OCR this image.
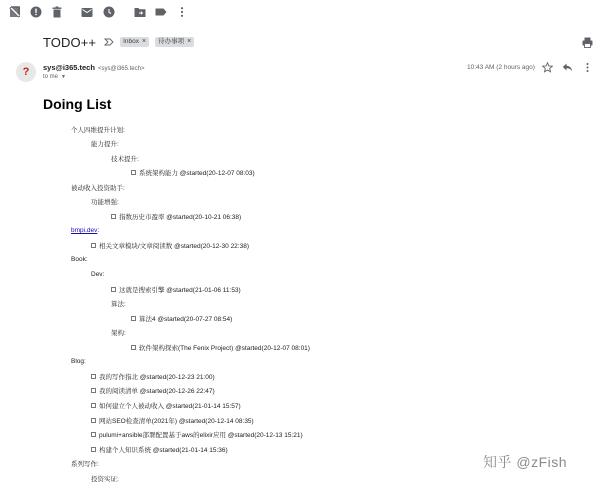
TODO++	Inbox × 待办事项 ×
?	sys@i365.tech <sys@i365.tech>
to me ▼
10:43 AM (2 hours ago)
Doing List
个人四维提升计划:
能力提升:
技术提升:
系统架构能力 @started(20-12-07 08:03)
被动收入投资助手:
功能增强:
指数历史市盈率 @started(20-10-21 06:38)
bmpi.dev :
相关文章模块/文章阅读数 @started(20-12-30 22:38)
Book:
Dev:
这就是搜索引擎 @started(21-01-06 11:53)
算法:
算法4 @started(20-07-27 08:54)
架构:
软件架构探索(The Fenix Project) @started(20-12-07 08:01)
Blog:
我的写作指北 @started(20-12-23 21:00)
我的阅读清单 @started(20-12-26 22:47)
如何建立个人被动收入 @started(21-01-14 15:57)
网站SEO检查清单(2021年) @started(20-12-14 08:35)
pulumi+ansible部署配置基于aws的elixir应用 @started(20-12-13 15:21)
构建个人知识系统 @started(21-01-14 15:36)
系列写作:
投资实证:
知乎 @zFish
